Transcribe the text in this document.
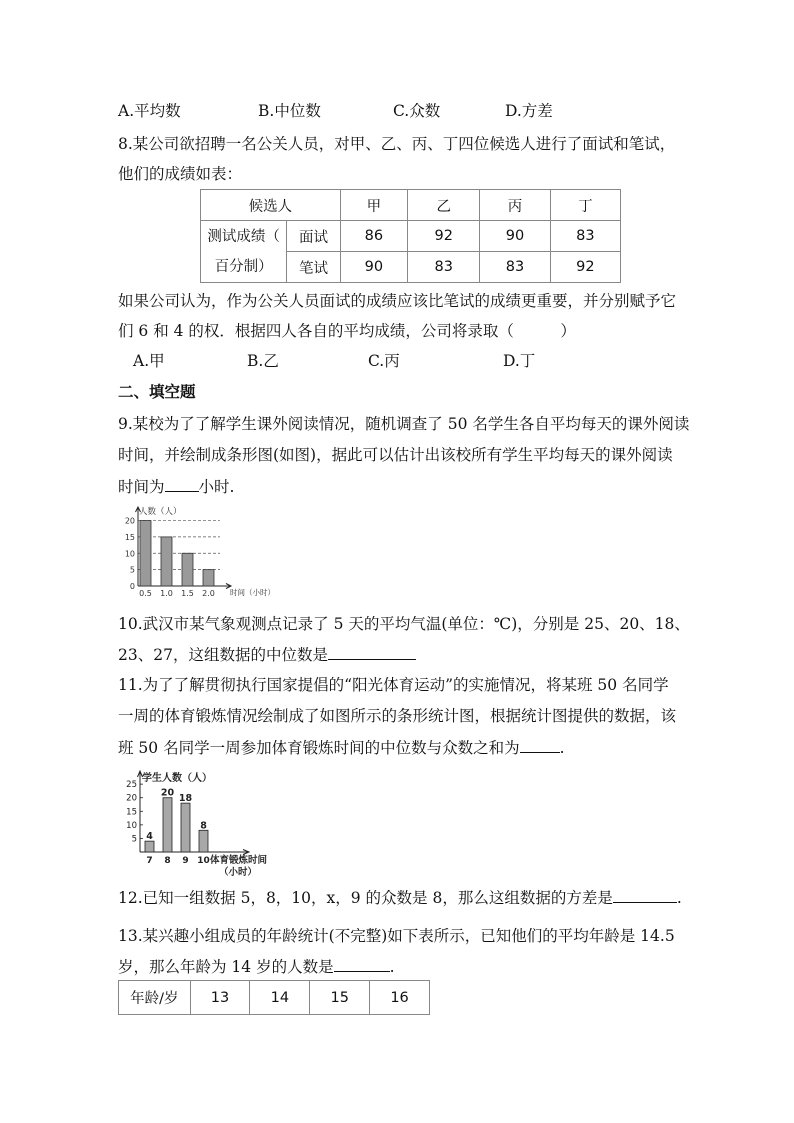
A.平均数	B.中位数	C.众数	D.方差
8.某公司欲招聘一名公关人员，对甲、乙、丙、丁四位候选人进行了面试和笔试，
他们的成绩如表：
候选人		甲	乙	丙	丁

测试成绩（
百分制）	面试	86	92	90	83
	笔试	90	83	83	92
如果公司认为，作为公关人员面试的成绩应该比笔试的成绩更重要，并分别赋予它
们 6 和 4 的权．根据四人各自的平均成绩，公司将录取（　　　）
A.甲	B.乙	C.丙	D.丁
二、填空题
9.某校为了了解学生课外阅读情况，随机调查了 50 名学生各自平均每天的课外阅读
时间，并绘制成条形图(如图)，据此可以估计出该校所有学生平均每天的课外阅读
时间为 小时.
5
10
15
20
0
人数（人）
时间（小时）
0.5 1.0 1.5 2.0
10.武汉市某气象观测点记录了 5 天的平均气温(单位：℃)，分别是 25、20、18、
23、27，这组数据的中位数是
11.为了了解贯彻执行国家提倡的“阳光体育运动”的实施情况，将某班 50 名同学
一周的体育锻炼情况绘制成了如图所示的条形统计图，根据统计图提供的数据，该
班 50 名同学一周参加体育锻炼时间的中位数与众数之和为	.
5
10
15
20
25
学生人数（人）
体育锻炼时间
（小时）
4
7
20
8
18
9
8
10
12.已知一组数据 5，8，10，x，9 的众数是 8，那么这组数据的方差是	.
13.某兴趣小组成员的年龄统计(不完整)如下表所示，已知他们的平均年龄是 14.5
岁，那么年龄为 14 岁的人数是	.
年龄/岁	13	14	15	16
